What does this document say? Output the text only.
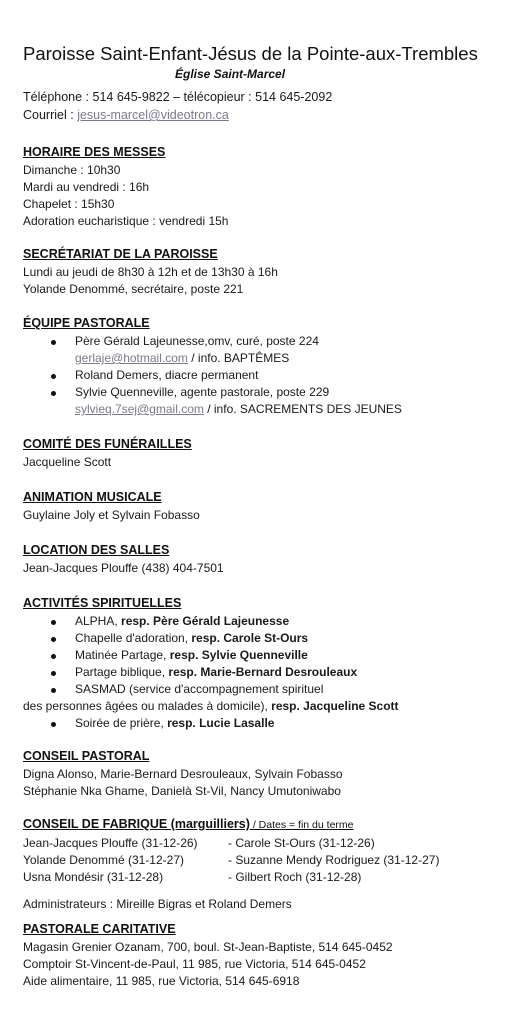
Paroisse Saint-Enfant-Jésus de la Pointe-aux-Trembles
Église Saint-Marcel
Téléphone : 514 645-9822 – télécopieur : 514 645-2092
Courriel : jesus-marcel@videotron.ca
HORAIRE DES MESSES
Dimanche : 10h30
Mardi au vendredi : 16h
Chapelet : 15h30
Adoration eucharistique : vendredi 15h
SECRÉTARIAT DE LA PAROISSE
Lundi au jeudi de 8h30 à 12h et de 13h30 à 16h
Yolande Denommé, secrétaire, poste 221
ÉQUIPE PASTORALE
Père Gérald Lajeunesse,omv, curé, poste 224
gerlaje@hotmail.com / info. BAPTÊMES
Roland Demers, diacre permanent
Sylvie Quenneville, agente pastorale, poste 229
sylvieq.7sej@gmail.com / info. SACREMENTS DES JEUNES
COMITÉ DES FUNÉRAILLES
Jacqueline Scott
ANIMATION MUSICALE
Guylaine Joly et Sylvain Fobasso
LOCATION DES SALLES
Jean-Jacques Plouffe (438) 404-7501
ACTIVITÉS SPIRITUELLES
ALPHA, resp. Père Gérald Lajeunesse
Chapelle d'adoration, resp. Carole St-Ours
Matinée Partage, resp. Sylvie Quenneville
Partage biblique, resp. Marie-Bernard Desrouleaux
SASMAD (service d'accompagnement spirituel
des personnes âgées ou malades à domicile), resp. Jacqueline Scott
Soirée de prière, resp. Lucie Lasalle
CONSEIL PASTORAL
Digna Alonso, Marie-Bernard Desrouleaux, Sylvain Fobasso
Stéphanie Nka Ghame, Danielà St-Vil, Nancy Umutoniwabo
CONSEIL DE FABRIQUE (marguilliers) / Dates = fin du terme
Jean-Jacques Plouffe (31-12-26)	- Carole St-Ours (31-12-26)
Yolande Denommé (31-12-27)	- Suzanne Mendy Rodriguez (31-12-27)
Usna Mondésir (31-12-28)	- Gilbert Roch (31-12-28)
Administrateurs : Mireille Bigras et Roland Demers
PASTORALE CARITATIVE
Magasin Grenier Ozanam, 700, boul. St-Jean-Baptiste, 514 645-0452
Comptoir St-Vincent-de-Paul, 11 985, rue Victoria, 514 645-0452
Aide alimentaire, 11 985, rue Victoria, 514 645-6918
